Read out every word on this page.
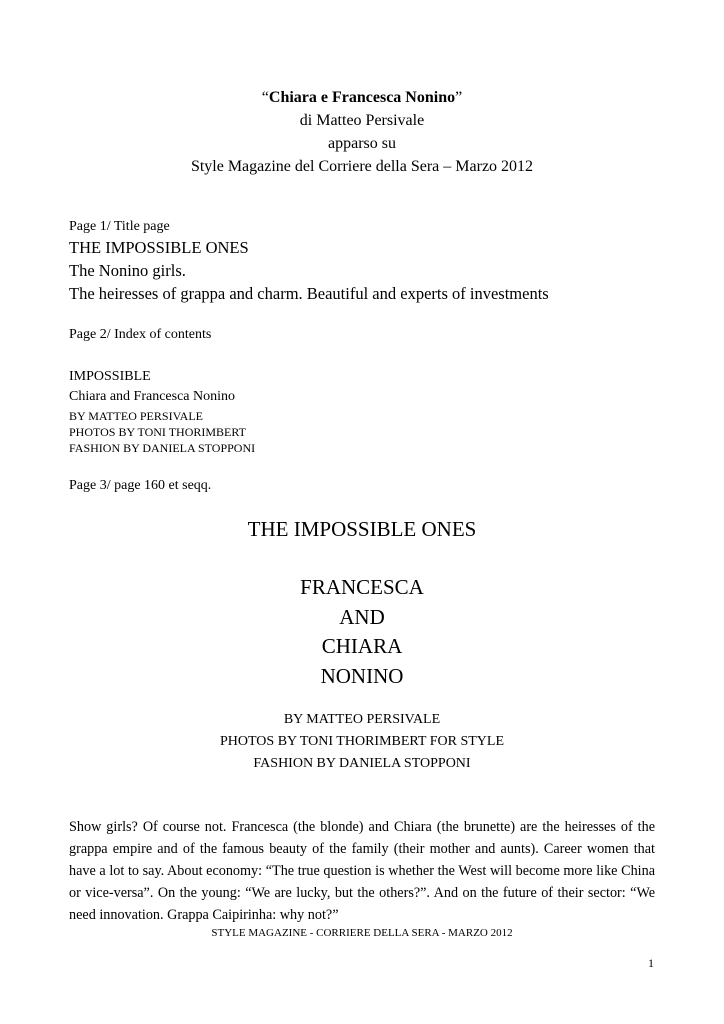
“Chiara e Francesca Nonino”
di Matteo Persivale
apparso su
Style Magazine del Corriere della Sera – Marzo 2012
Page 1/ Title page
THE IMPOSSIBLE ONES
The Nonino girls.
The heiresses of grappa and charm. Beautiful and experts of investments
Page 2/ Index of contents
IMPOSSIBLE
Chiara and Francesca Nonino
BY MATTEO PERSIVALE
PHOTOS BY TONI THORIMBERT
FASHION BY DANIELA STOPPONI
Page 3/ page 160 et seqq.
THE IMPOSSIBLE ONES
FRANCESCA
AND
CHIARA
NONINO
BY MATTEO PERSIVALE
PHOTOS BY TONI THORIMBERT FOR STYLE
FASHION BY DANIELA STOPPONI
Show girls? Of course not. Francesca (the blonde) and Chiara (the brunette) are the heiresses of the grappa empire and of the famous beauty of the family (their mother and aunts). Career women that have a lot to say. About economy: “The true question is whether the West will become more like China or vice-versa”. On the young: “We are lucky, but the others?”. And on the future of their sector: “We need innovation. Grappa Caipirinha: why not?”
STYLE MAGAZINE - CORRIERE DELLA SERA - MARZO 2012
1
